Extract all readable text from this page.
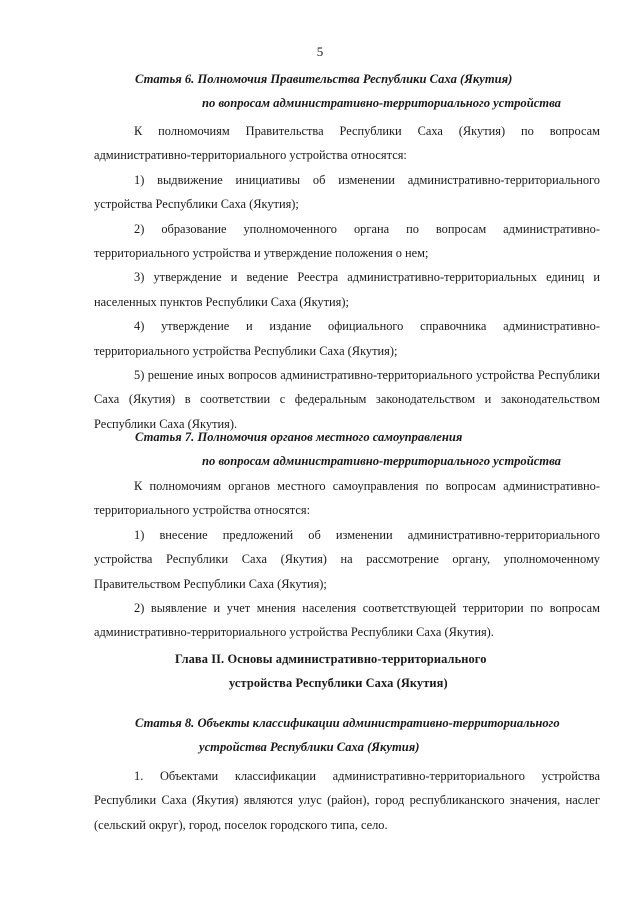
5
Статья 6. Полномочия Правительства Республики Саха (Якутия)
по вопросам административно-территориального устройства

К полномочиям Правительства Республики Саха (Якутия) по вопросам административно-территориального устройства относятся:

1) выдвижение инициативы об изменении административно-территориального устройства Республики Саха (Якутия);

2) образование уполномоченного органа по вопросам административно-территориального устройства и утверждение положения о нем;

3) утверждение и ведение Реестра административно-территориальных единиц и населенных пунктов Республики Саха (Якутия);

4) утверждение и издание официального справочника административно-территориального устройства Республики Саха (Якутия);

5) решение иных вопросов административно-территориального устройства Республики Саха (Якутия) в соответствии с федеральным законодательством и законодательством Республики Саха (Якутия).

Статья 7. Полномочия органов местного самоуправления
по вопросам административно-территориального устройства

К полномочиям органов местного самоуправления по вопросам административно-территориального устройства относятся:

1) внесение предложений об изменении административно-территориального устройства Республики Саха (Якутия) на рассмотрение органу, уполномоченному Правительством Республики Саха (Якутия);

2) выявление и учет мнения населения соответствующей территории по вопросам административно-территориального устройства Республики Саха (Якутия).

Глава II. Основы административно-территориального
устройства Республики Саха (Якутия)
Статья 8. Объекты классификации административно-территориального
устройства Республики Саха (Якутия)

1. Объектами классификации административно-территориального устройства Республики Саха (Якутия) являются улус (район), город республиканского значения, наслег (сельский округ), город, поселок городского типа, село.
